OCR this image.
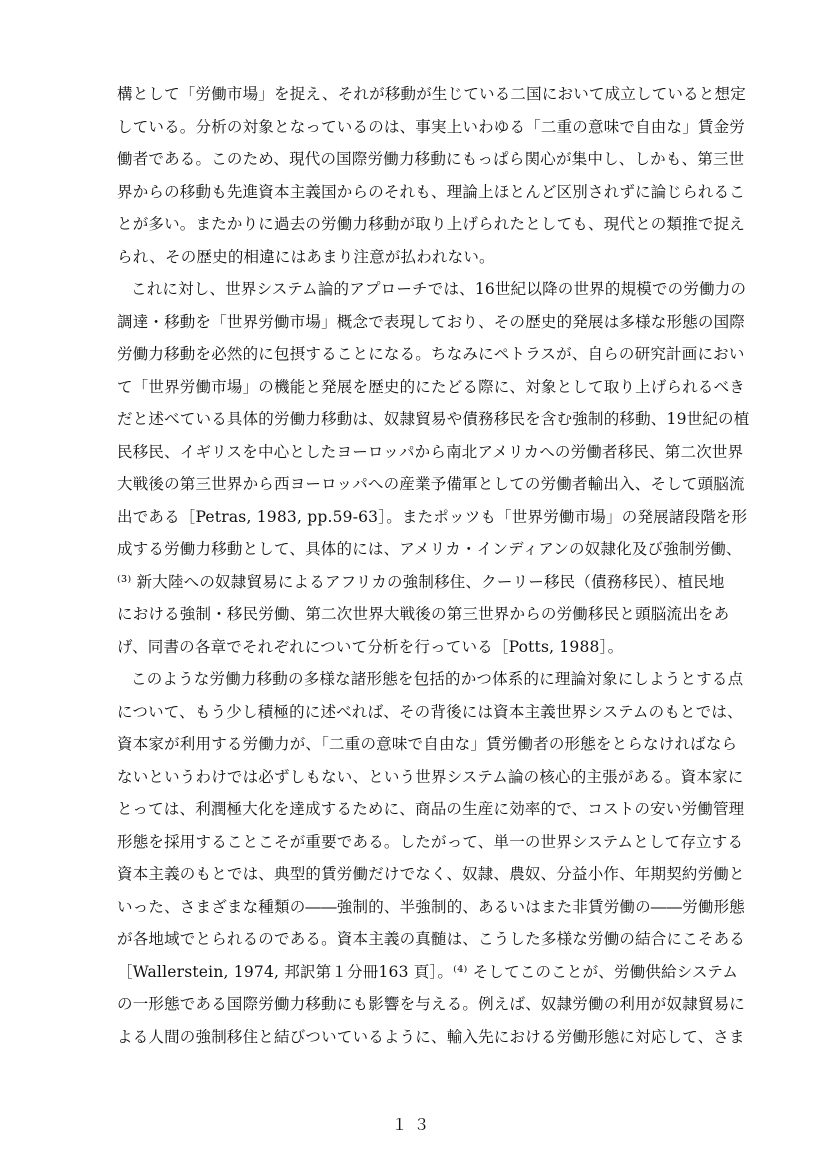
構として「労働市場」を捉え、それが移動が生じている二国において成立していると想定
している。分析の対象となっているのは、事実上いわゆる「二重の意味で自由な」賃金労
働者である。このため、現代の国際労働力移動にもっぱら関心が集中し、しかも、第三世
界からの移動も先進資本主義国からのそれも、理論上ほとんど区別されずに論じられるこ
とが多い。またかりに過去の労働力移動が取り上げられたとしても、現代との類推で捉え
られ、その歴史的相違にはあまり注意が払われない。
これに対し、世界システム論的アプローチでは、16世紀以降の世界的規模での労働力の
調達・移動を「世界労働市場」概念で表現しており、その歴史的発展は多様な形態の国際
労働力移動を必然的に包摂することになる。ちなみにペトラスが、自らの研究計画におい
て「世界労働市場」の機能と発展を歴史的にたどる際に、対象として取り上げられるべき
だと述べている具体的労働力移動は、奴隷貿易や債務移民を含む強制的移動、19世紀の植
民移民、イギリスを中心としたヨーロッパから南北アメリカへの労働者移民、第二次世界
大戦後の第三世界から西ヨーロッパへの産業予備軍としての労働者輸出入、そして頭脳流
出である［Petras, 1983, pp.59-63］。またポッツも「世界労働市場」の発展諸段階を形
成する労働力移動として、具体的には、アメリカ・インディアンの奴隷化及び強制労働、
⁽³⁾ 新大陸への奴隷貿易によるアフリカの強制移住、クーリー移民（債務移民）、植民地
における強制・移民労働、第二次世界大戦後の第三世界からの労働移民と頭脳流出をあ
げ、同書の各章でそれぞれについて分析を行っている［Potts, 1988］。
このような労働力移動の多様な諸形態を包括的かつ体系的に理論対象にしようとする点
について、もう少し積極的に述べれば、その背後には資本主義世界システムのもとでは、
資本家が利用する労働力が、「二重の意味で自由な」賃労働者の形態をとらなければなら
ないというわけでは必ずしもない、という世界システム論の核心的主張がある。資本家に
とっては、利潤極大化を達成するために、商品の生産に効率的で、コストの安い労働管理
形態を採用することこそが重要である。したがって、単一の世界システムとして存立する
資本主義のもとでは、典型的賃労働だけでなく、奴隷、農奴、分益小作、年期契約労働と
いった、さまざまな種類の――強制的、半強制的、あるいはまた非賃労働の――労働形態
が各地域でとられるのである。資本主義の真髄は、こうした多様な労働の結合にこそある
［Wallerstein, 1974, 邦訳第１分冊163 頁］。⁽⁴⁾ そしてこのことが、労働供給システム
の一形態である国際労働力移動にも影響を与える。例えば、奴隷労働の利用が奴隷貿易に
よる人間の強制移住と結びついているように、輸入先における労働形態に対応して、さま
１３
